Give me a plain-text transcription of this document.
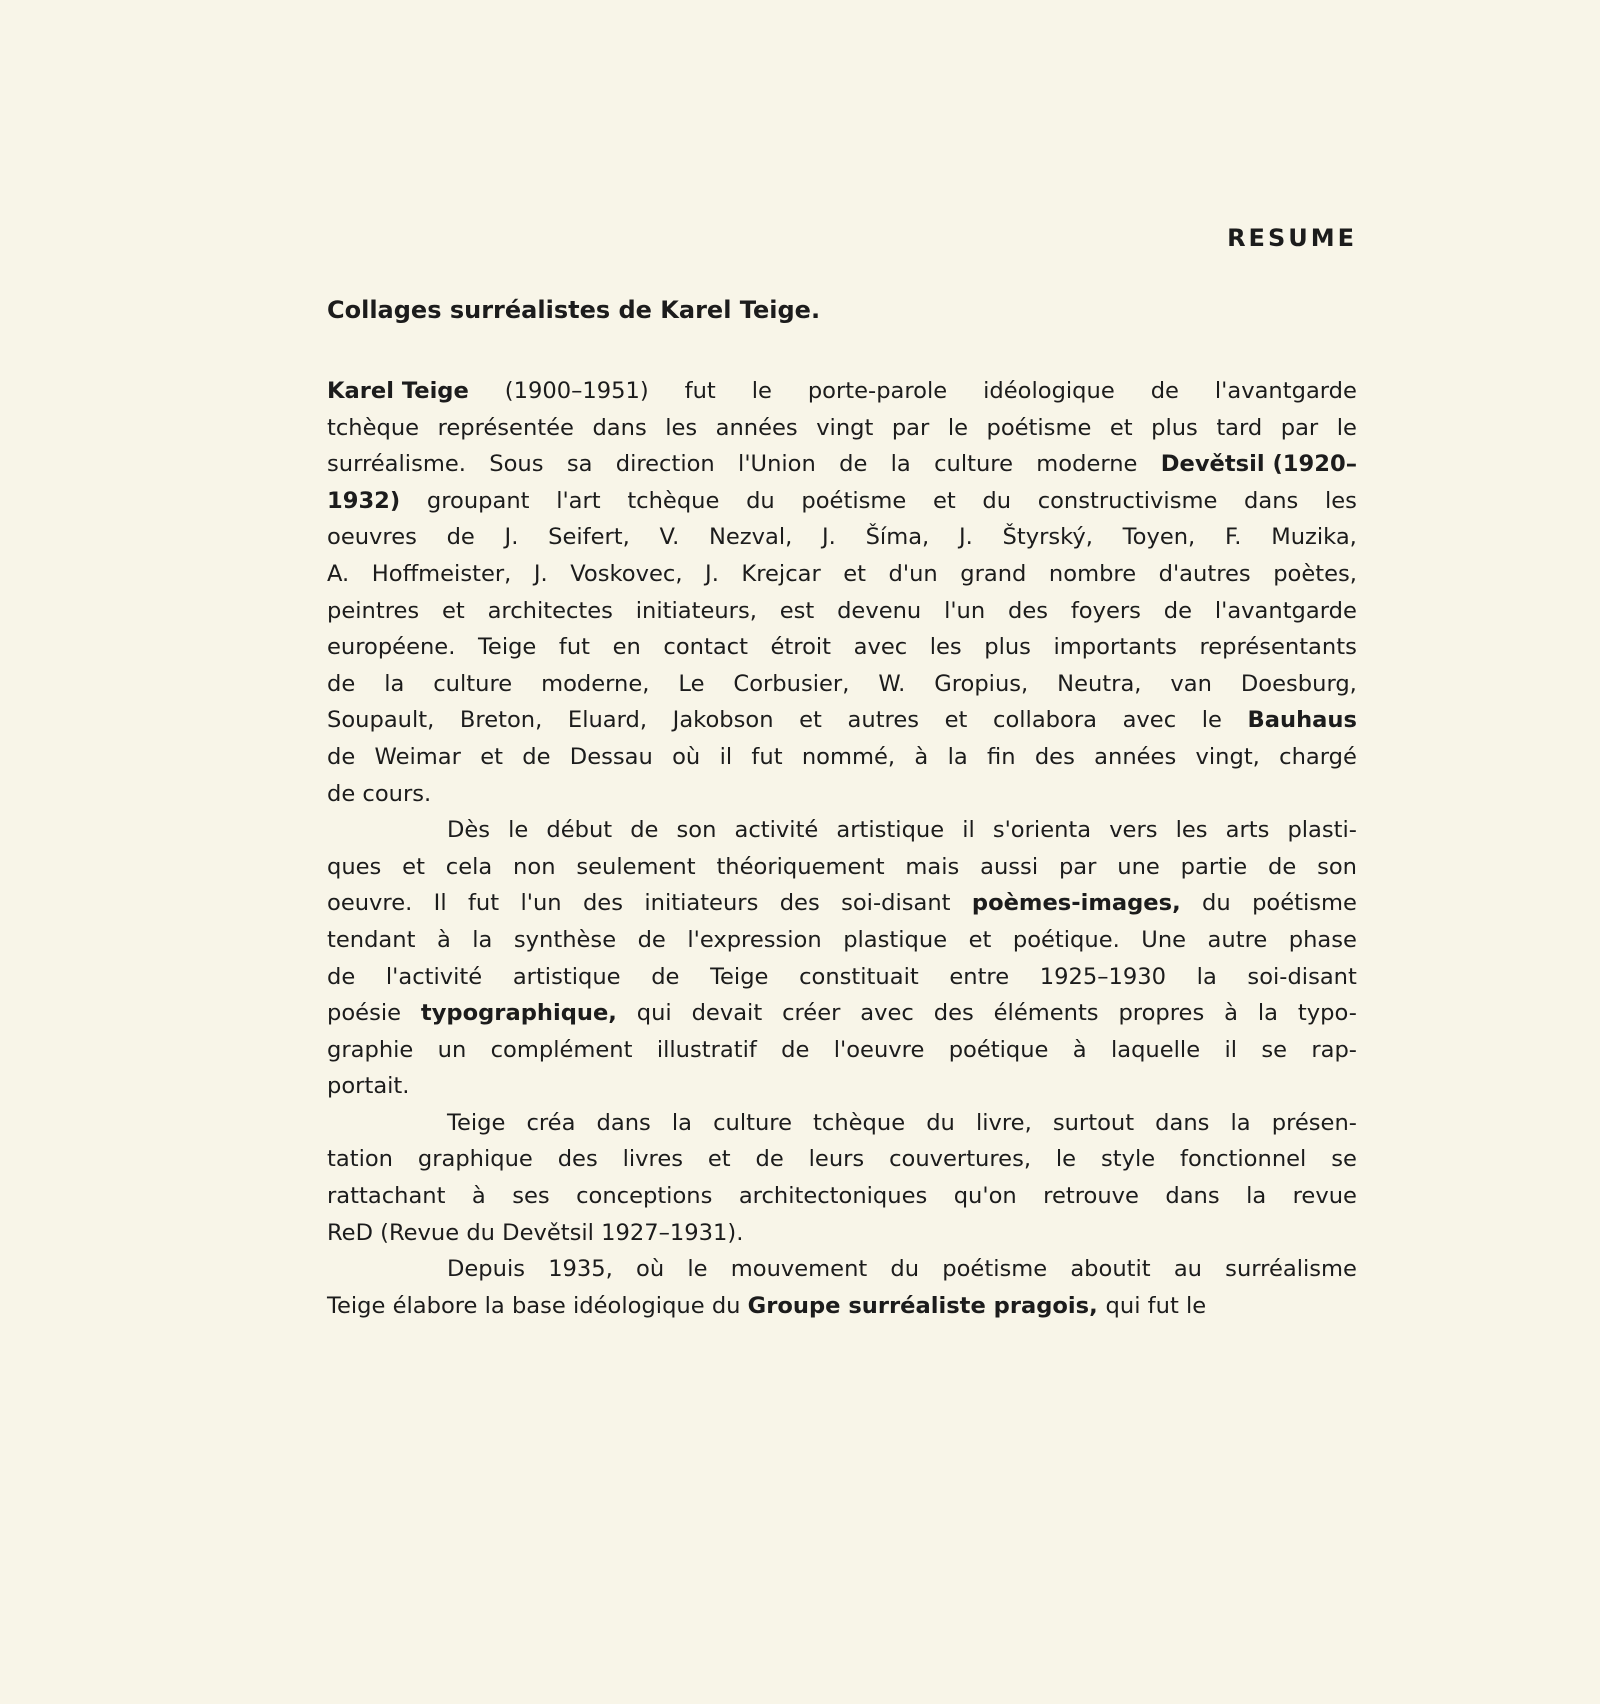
RESUME
Collages surréalistes de Karel Teige.
Karel Teige (1900–1951) fut le porte-parole idéologique de l'avantgarde
tchèque représentée dans les années vingt par le poétisme et plus tard par le
surréalisme. Sous sa direction l'Union de la culture moderne Devětsil (1920–
1932) groupant l'art tchèque du poétisme et du constructivisme dans les
oeuvres de J. Seifert, V. Nezval, J. Šíma, J. Štyrský, Toyen, F. Muzika,
A. Hoffmeister, J. Voskovec, J. Krejcar et d'un grand nombre d'autres poètes,
peintres et architectes initiateurs, est devenu l'un des foyers de l'avantgarde
européene. Teige fut en contact étroit avec les plus importants représentants
de la culture moderne, Le Corbusier, W. Gropius, Neutra, van Doesburg,
Soupault, Breton, Eluard, Jakobson et autres et collabora avec le Bauhaus
de Weimar et de Dessau où il fut nommé, à la fin des années vingt, chargé
de cours.
Dès le début de son activité artistique il s'orienta vers les arts plasti-
ques et cela non seulement théoriquement mais aussi par une partie de son
oeuvre. Il fut l'un des initiateurs des soi-disant poèmes-images, du poétisme
tendant à la synthèse de l'expression plastique et poétique. Une autre phase
de l'activité artistique de Teige constituait entre 1925–1930 la soi-disant
poésie typographique, qui devait créer avec des éléments propres à la typo-
graphie un complément illustratif de l'oeuvre poétique à laquelle il se rap-
portait.
Teige créa dans la culture tchèque du livre, surtout dans la présen-
tation graphique des livres et de leurs couvertures, le style fonctionnel se
rattachant à ses conceptions architectoniques qu'on retrouve dans la revue
ReD (Revue du Devětsil 1927–1931).
Depuis 1935, où le mouvement du poétisme aboutit au surréalisme
Teige élabore la base idéologique du Groupe surréaliste pragois, qui fut le
